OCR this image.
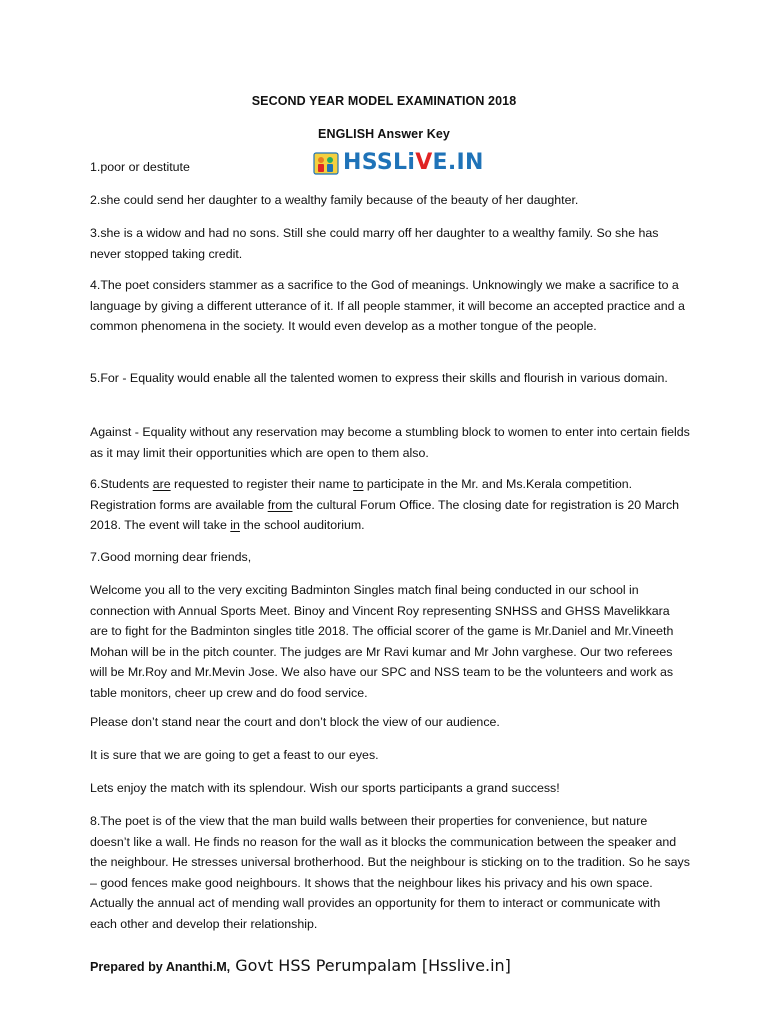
SECOND YEAR MODEL EXAMINATION 2018
ENGLISH Answer Key
HSSLiVE.IN
1.poor or destitute
2.she could send her daughter to a wealthy family because of the beauty of her daughter.
3.she is a widow and had no sons. Still she could marry off her daughter to a wealthy family. So she has never stopped taking credit.
4.The poet considers stammer as a sacrifice to the God of meanings. Unknowingly we make a sacrifice to a language by giving a different utterance of it. If all people stammer, it will become an accepted practice and a common phenomena in the society. It would even develop as a mother tongue of the people.
5.For - Equality would enable all the talented women to express their skills and flourish in various domain.
Against - Equality without any reservation may become a stumbling block to women to enter into certain fields as it may limit their opportunities which are open to them also.
6.Students are requested to register their name to participate in the Mr. and Ms.Kerala competition. Registration forms are available from the cultural Forum Office. The closing date for registration is 20 March 2018. The event will take in the school auditorium.
7.Good morning dear friends,
Welcome you all to the very exciting Badminton Singles match final being conducted in our school in connection with Annual Sports Meet. Binoy and Vincent Roy representing SNHSS and GHSS Mavelikkara are to fight for the Badminton singles title 2018. The official scorer of the game is Mr.Daniel and Mr.Vineeth Mohan will be in the pitch counter. The judges are Mr Ravi kumar and Mr John varghese. Our two referees will be Mr.Roy and Mr.Mevin Jose. We also have our SPC and NSS team to be the volunteers and work as table monitors, cheer up crew and do food service.
Please don’t stand near the court and don’t block the view of our audience.
It is sure that we are going to get a feast to our eyes.
Lets enjoy the match with its splendour. Wish our sports participants a grand success!
8.The poet is of the view that the man build walls between their properties for convenience, but nature doesn’t like a wall. He finds no reason for the wall as it blocks the communication between the speaker and the neighbour. He stresses universal brotherhood. But the neighbour is sticking on to the tradition. So he says – good fences make good neighbours. It shows that the neighbour likes his privacy and his own space. Actually the annual act of mending wall provides an opportunity for them to interact or communicate with each other and develop their relationship.
Prepared by Ananthi.M, Govt HSS Perumpalam [Hsslive.in]
